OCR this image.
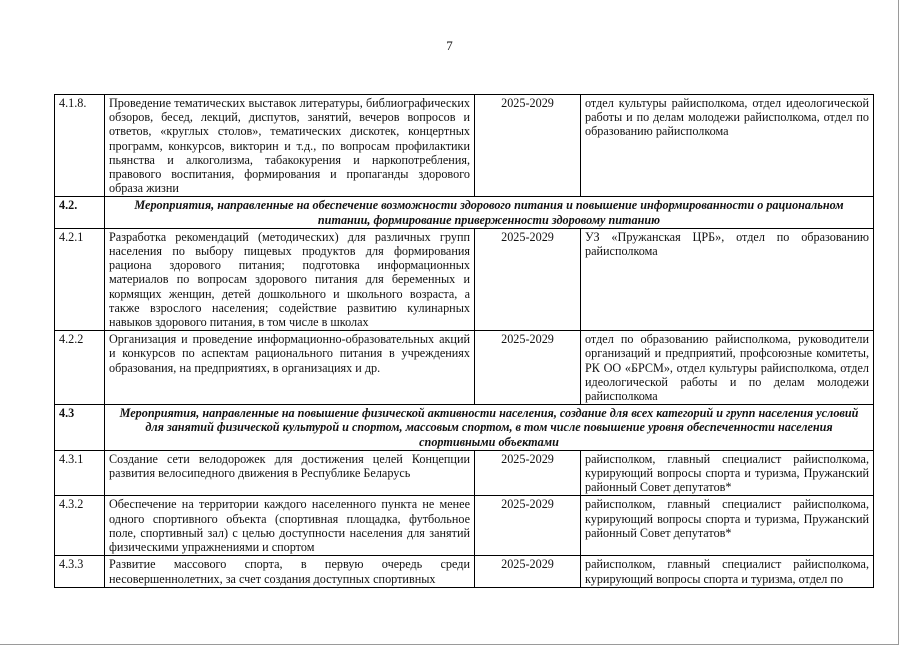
7
4.1.8.	Проведение тематических выставок литературы, библиографических обзоров, бесед, лекций, диспутов, занятий, вечеров вопросов и ответов, «круглых столов», тематических дискотек, концертных программ, конкурсов, викторин и т.д., по вопросам профилактики пьянства и алкоголизма, табакокурения и наркопотребления, правового воспитания, формирования и пропаганды здорового образа жизни	2025-2029	отдел культуры райисполкома, отдел идеологической работы и по делам молодежи райисполкома, отдел по образованию райисполкома
4.2.	Мероприятия, направленные на обеспечение возможности здорового питания и повышение информированности о рациональном питании, формирование приверженности здоровому питанию		
4.2.1	Разработка рекомендаций (методических) для различных групп населения по выбору пищевых продуктов для формирования рациона здорового питания; подготовка информационных материалов по вопросам здорового питания для беременных и кормящих женщин, детей дошкольного и школьного возраста, а также взрослого населения; содействие развитию кулинарных навыков здорового питания, в том числе в школах	2025-2029	УЗ «Пружанская ЦРБ», отдел по образованию райисполкома
4.2.2	Организация и проведение информационно-образовательных акций и конкурсов по аспектам рационального питания в учреждениях образования, на предприятиях, в организациях и др.	2025-2029	отдел по образованию райисполкома, руководители организаций и предприятий, профсоюзные комитеты, РК ОО «БРСМ», отдел культуры райисполкома, отдел идеологической работы и по делам молодежи райисполкома
4.3	Мероприятия, направленные на повышение физической активности населения, создание для всех категорий и групп населения условий для занятий физической культурой и спортом, массовым спортом, в том числе повышение уровня обеспеченности населения спортивными объектами		
4.3.1	Создание сети велодорожек для достижения целей Концепции развития велосипедного движения в Республике Беларусь	2025-2029	райисполком, главный специалист райисполкома, курирующий вопросы спорта и туризма, Пружанский районный Совет депутатов*
4.3.2	Обеспечение на территории каждого населенного пункта не менее одного спортивного объекта (спортивная площадка, футбольное поле, спортивный зал) с целью доступности населения для занятий физическими упражнениями и спортом	2025-2029	райисполком, главный специалист райисполкома, курирующий вопросы спорта и туризма, Пружанский районный Совет депутатов*
4.3.3	Развитие массового спорта, в первую очередь среди несовершеннолетних, за счет создания доступных спортивных	2025-2029	райисполком, главный специалист райисполкома, курирующий вопросы спорта и туризма, отдел по
